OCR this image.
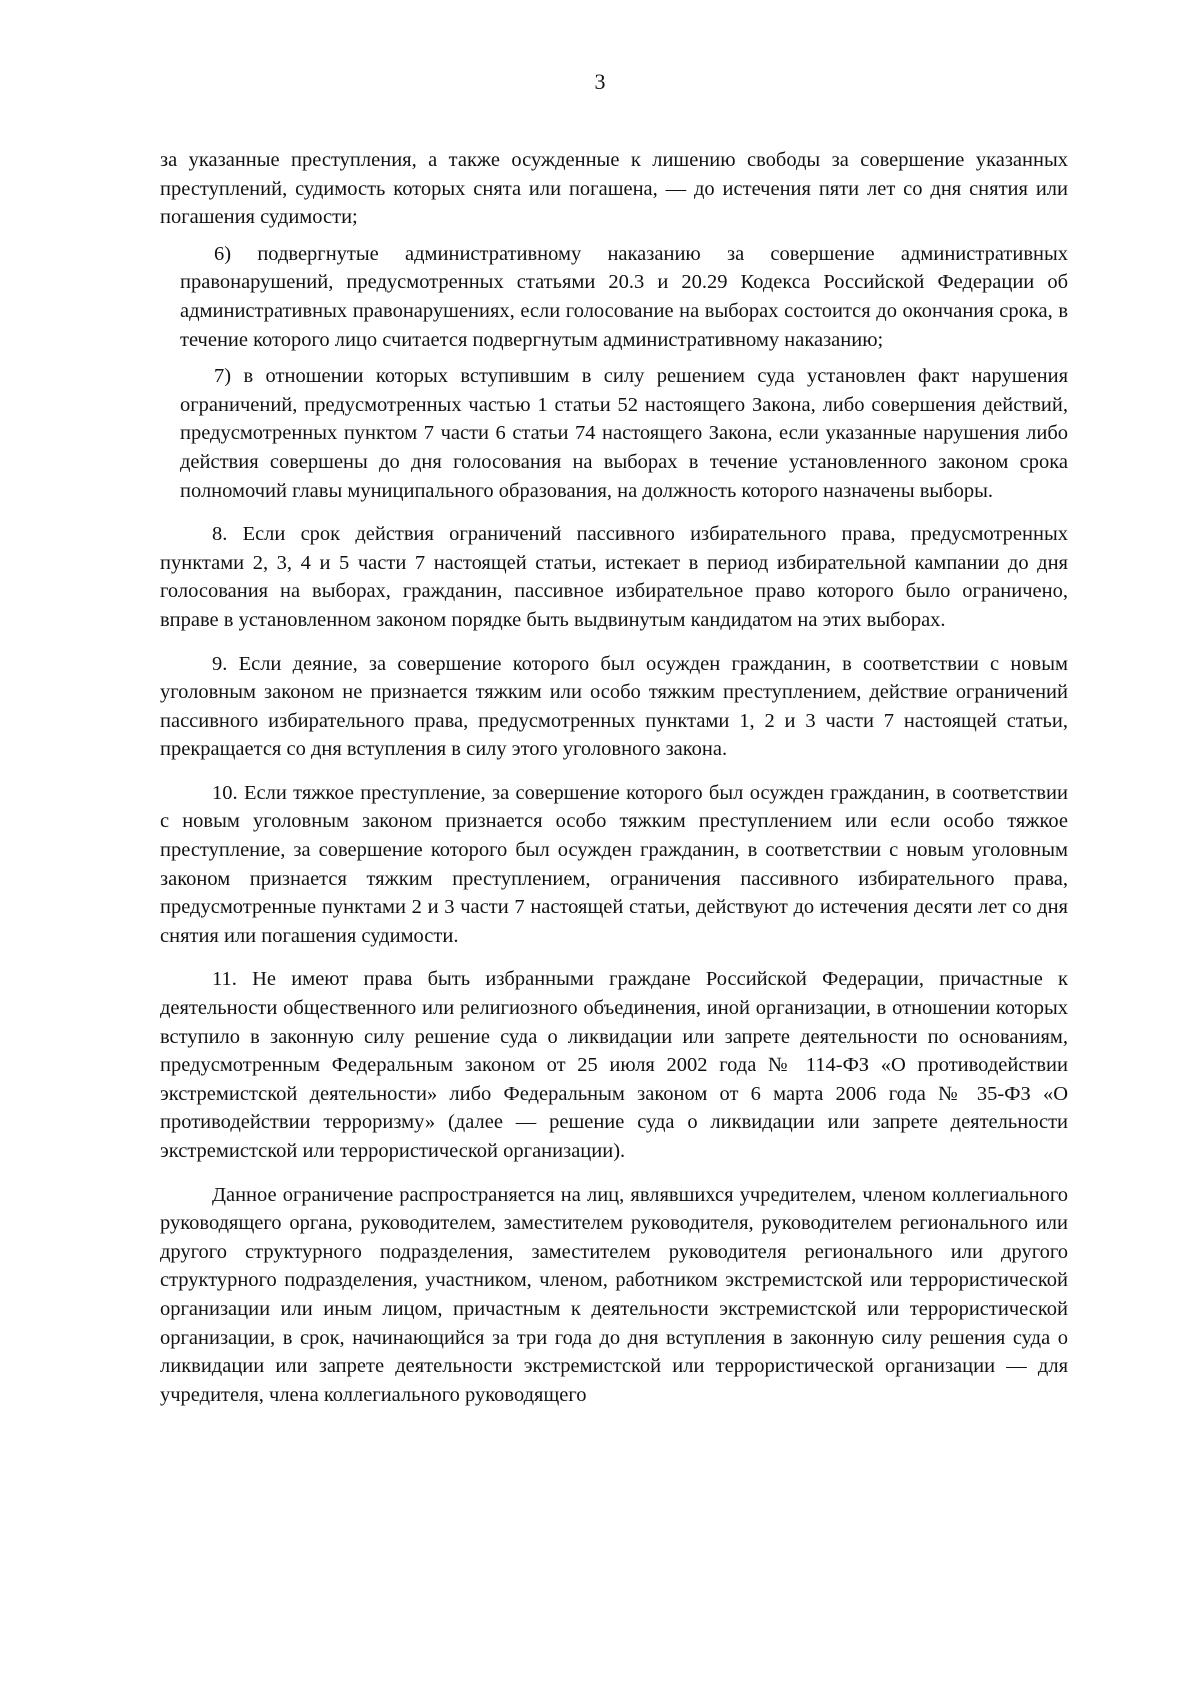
3

за указанные преступления, а также осужденные к лишению свободы за совершение указанных преступлений, судимость которых снята или погашена, — до истечения пяти лет со дня снятия или погашения судимости;

6) подвергнутые административному наказанию за совершение административных правонарушений, предусмотренных статьями 20.3 и 20.29 Кодекса Российской Федерации об административных правонарушениях, если голосование на выборах состоится до окончания срока, в течение которого лицо считается подвергнутым административному наказанию;

7) в отношении которых вступившим в силу решением суда установлен факт нарушения ограничений, предусмотренных частью 1 статьи 52 настоящего Закона, либо совершения действий, предусмотренных пунктом 7 части 6 статьи 74 настоящего Закона, если указанные нарушения либо действия совершены до дня голосования на выборах в течение установленного законом срока полномочий главы муниципального образования, на должность которого назначены выборы.

8. Если срок действия ограничений пассивного избирательного права, предусмотренных пунктами 2, 3, 4 и 5 части 7 настоящей статьи, истекает в период избирательной кампании до дня голосования на выборах, гражданин, пассивное избирательное право которого было ограничено, вправе в установленном законом порядке быть выдвинутым кандидатом на этих выборах.

9. Если деяние, за совершение которого был осужден гражданин, в соответствии с новым уголовным законом не признается тяжким или особо тяжким преступлением, действие ограничений пассивного избирательного права, предусмотренных пунктами 1, 2 и 3 части 7 настоящей статьи, прекращается со дня вступления в силу этого уголовного закона.

10. Если тяжкое преступление, за совершение которого был осужден гражданин, в соответствии с новым уголовным законом признается особо тяжким преступлением или если особо тяжкое преступление, за совершение которого был осужден гражданин, в соответствии с новым уголовным законом признается тяжким преступлением, ограничения пассивного избирательного права, предусмотренные пунктами 2 и 3 части 7 настоящей статьи, действуют до истечения десяти лет со дня снятия или погашения судимости.

11. Не имеют права быть избранными граждане Российской Федерации, причастные к деятельности общественного или религиозного объединения, иной организации, в отношении которых вступило в законную силу решение суда о ликвидации или запрете деятельности по основаниям, предусмотренным Федеральным законом от 25 июля 2002 года № 114-ФЗ «О противодействии экстремистской деятельности» либо Федеральным законом от 6 марта 2006 года № 35-ФЗ «О противодействии терроризму» (далее — решение суда о ликвидации или запрете деятельности экстремистской или террористической организации).

Данное ограничение распространяется на лиц, являвшихся учредителем, членом коллегиального руководящего органа, руководителем, заместителем руководителя, руководителем регионального или другого структурного подразделения, заместителем руководителя регионального или другого структурного подразделения, участником, членом, работником экстремистской или террористической организации или иным лицом, причастным к деятельности экстремистской или террористической организации, в срок, начинающийся за три года до дня вступления в законную силу решения суда о ликвидации или запрете деятельности экстремистской или террористической организации — для учредителя, члена коллегиального руководящего
